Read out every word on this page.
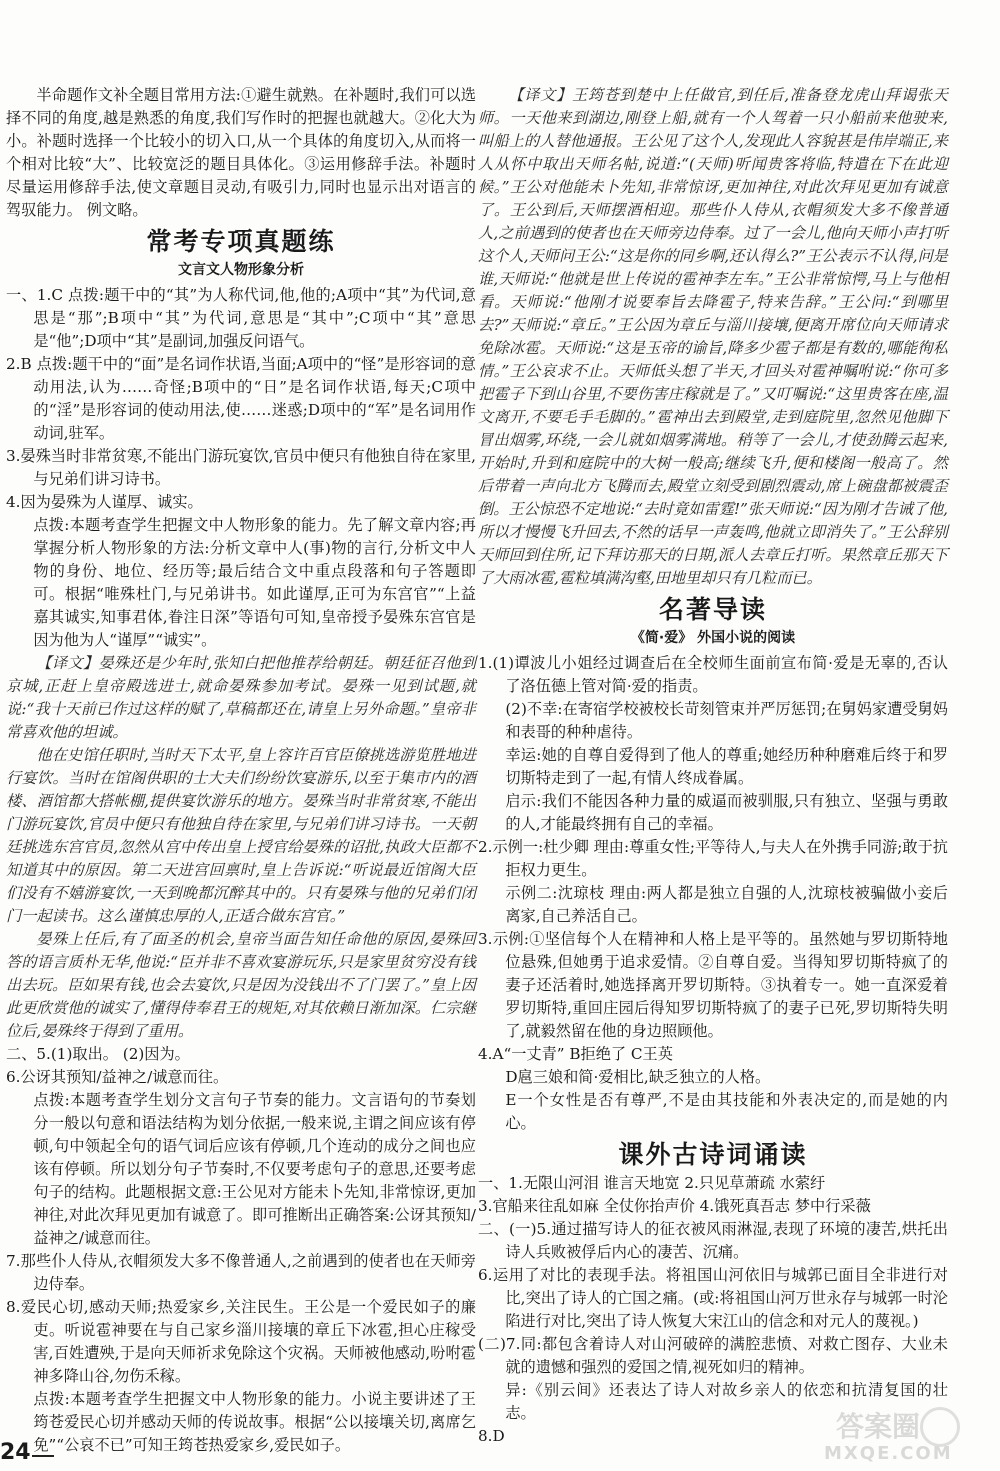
半命题作文补全题目常用方法:①避生就熟。在补题时,我们可以选择不同的角度,越是熟悉的角度,我们写作时的把握也就越大。②化大为小。补题时选择一个比较小的切入口,从一个具体的角度切入,从而将一个相对比较“大”、比较宽泛的题目具体化。③运用修辞手法。补题时尽量运用修辞手法,使文章题目灵动,有吸引力,同时也显示出对语言的驾驭能力。 例文略。

常考专项真题练
文言文人物形象分析

一、1.C 点拨:题干中的“其”为人称代词,他,他的;A项中“其”为代词,意思是“那”;B项中“其”为代词,意思是“其中”;C项中“其”意思是“他”;D项中“其”是副词,加强反问语气。

2.B 点拨:题干中的“面”是名词作状语,当面;A项中的“怪”是形容词的意动用法,认为……奇怪;B项中的“日”是名词作状语,每天;C项中的“淫”是形容词的使动用法,使……迷惑;D项中的“军”是名词用作动词,驻军。

3.晏殊当时非常贫寒,不能出门游玩宴饮,官员中便只有他独自待在家里,与兄弟们讲习诗书。

4.因为晏殊为人谨厚、诚实。

点拨:本题考查学生把握文中人物形象的能力。先了解文章内容;再掌握分析人物形象的方法:分析文章中人(事)物的言行,分析文中人物的身份、地位、经历等;最后结合文中重点段落和句子答题即可。根据“唯殊杜门,与兄弟讲书。如此谨厚,正可为东宫官”“上益嘉其诚实,知事君体,眷注日深”等语句可知,皇帝授予晏殊东宫官是因为他为人“谨厚”“诚实”。

【译文】晏殊还是少年时,张知白把他推荐给朝廷。朝廷征召他到京城,正赶上皇帝殿选进士,就命晏殊参加考试。晏殊一见到试题,就说:“我十天前已作过这样的赋了,草稿都还在,请皇上另外命题。”皇帝非常喜欢他的坦诚。

他在史馆任职时,当时天下太平,皇上容许百官臣僚挑选游览胜地进行宴饮。当时在馆阁供职的士大夫们纷纷饮宴游乐,以至于集市内的酒楼、酒馆都大搭帐棚,提供宴饮游乐的地方。晏殊当时非常贫寒,不能出门游玩宴饮,官员中便只有他独自待在家里,与兄弟们讲习诗书。一天朝廷挑选东宫官员,忽然从宫中传出皇上授官给晏殊的诏批,执政大臣都不知道其中的原因。第二天进宫回禀时,皇上告诉说:“听说最近馆阁大臣们没有不嬉游宴饮,一天到晚都沉醉其中的。只有晏殊与他的兄弟们闭门一起读书。这么谨慎忠厚的人,正适合做东宫官。”

晏殊上任后,有了面圣的机会,皇帝当面告知任命他的原因,晏殊回答的语言质朴无华,他说:“臣并非不喜欢宴游玩乐,只是家里贫穷没有钱出去玩。臣如果有钱,也会去宴饮,只是因为没钱出不了门罢了。”皇上因此更欣赏他的诚实了,懂得侍奉君王的规矩,对其依赖日渐加深。仁宗継位后,晏殊终于得到了重用。

二、5.(1)取出。 (2)因为。

6.公讶其预知/益神之/诚意而往。

点拨:本题考查学生划分文言句子节奏的能力。文言语句的节奏划分一般以句意和语法结构为划分依据,一般来说,主谓之间应该有停顿,句中领起全句的语气词后应该有停顿,几个连动的成分之间也应该有停顿。所以划分句子节奏时,不仅要考虑句子的意思,还要考虑句子的结构。此题根据文意:王公见对方能未卜先知,非常惊讶,更加神往,对此次拜见更加有诚意了。即可推断出正确答案:公讶其预知/益神之/诚意而往。

7.那些仆人侍从,衣帽须发大多不像普通人,之前遇到的使者也在天师旁边侍奉。

8.爱民心切,感动天师;热爱家乡,关注民生。王公是一个爱民如子的廉吏。听说雹神要在与自己家乡淄川接壤的章丘下冰雹,担心庄稼受害,百姓遭殃,于是向天师祈求免除这个灾祸。天师被他感动,吩咐雹神多降山谷,勿伤禾稼。

点拨:本题考查学生把握文中人物形象的能力。小说主要讲述了王筠苍爱民心切并感动天师的传说故事。根据“公以接壤关切,离席乞免”“公哀不已”可知王筠苍热爱家乡,爱民如子。

【译文】王筠苍到楚中上任做官,到任后,准备登龙虎山拜谒张天师。一天他来到湖边,刚登上船,就有一个人驾着一只小船前来他驶来,叫船上的人替他通报。王公见了这个人,发现此人容貌甚是伟岸端正,来人从怀中取出天师名帖,说道:“(天师)听闻贵客将临,特遣在下在此迎候。”王公对他能未卜先知,非常惊讶,更加神往,对此次拜见更加有诚意了。王公到后,天师摆酒相迎。那些仆人侍从,衣帽须发大多不像普通人,之前遇到的使者也在天师旁边侍奉。过了一会儿,他向天师小声打听这个人,天师问王公:“这是你的同乡啊,还认得么?”王公表示不认得,问是谁,天师说:“他就是世上传说的雹神李左车。”王公非常惊愕,马上与他相看。天师说:“他刚才说要奉旨去降雹子,特来告辞。”王公问:“到哪里去?”天师说:“章丘。”王公因为章丘与淄川接壤,便离开席位向天师请求免除冰雹。天师说:“这是玉帝的谕旨,降多少雹子都是有数的,哪能徇私情。”王公哀求不止。天师低头想了半天,才回头对雹神嘱咐说:“你可多把雹子下到山谷里,不要伤害庄稼就是了。”又叮嘱说:“这里贵客在座,温文离开,不要毛手毛脚的。”雹神出去到殿堂,走到庭院里,忽然见他脚下冒出烟雾,环绕,一会儿就如烟雾满地。稍等了一会儿,才使劲腾云起来,开始时,升到和庭院中的大树一般高;继续飞升,便和楼阁一般高了。然后带着一声向北方飞腾而去,殿堂立刻受到剧烈震动,席上碗盘都被震歪倒。王公惊恐不定地说:“去时竟如雷霆!”张天师说:“因为刚才告诫了他,所以才慢慢飞升回去,不然的话早一声轰鸣,他就立即消失了。”王公辞别天师回到住所,记下拜访那天的日期,派人去章丘打听。果然章丘那天下了大雨冰雹,雹粒填满沟壑,田地里却只有几粒而已。

名著导读
《简·爱》 外国小说的阅读

1.(1)谭波儿小姐经过调查后在全校师生面前宣布简·爱是无辜的,否认了洛伍德上管对简·爱的指责。

(2)不幸:在寄宿学校被校长苛刻管束并严厉惩罚;在舅妈家遭受舅妈和表哥的种种虐待。

幸运:她的自尊自爱得到了他人的尊重;她经历种种磨难后终于和罗切斯特走到了一起,有情人终成眷属。

启示:我们不能因各种力量的威逼而被驯服,只有独立、坚强与勇敢的人,才能最终拥有自己的幸福。

2.示例一:杜少卿 理由:尊重女性;平等待人,与夫人在外携手同游;敢于抗拒权力更生。

示例二:沈琼枝 理由:两人都是独立自强的人,沈琼枝被骗做小妾后离家,自己养活自己。

3.示例:①坚信每个人在精神和人格上是平等的。虽然她与罗切斯特地位悬殊,但她勇于追求爱情。②自尊自爱。当得知罗切斯特疯了的妻子还活着时,她选择离开罗切斯特。③执着专一。她一直深爱着罗切斯特,重回庄园后得知罗切斯特疯了的妻子已死,罗切斯特失明了,就毅然留在他的身边照顾他。

4.A“一丈青” B拒绝了 C王英

D扈三娘和简·爱相比,缺乏独立的人格。

E一个女性是否有尊严,不是由其技能和外表决定的,而是她的内心。

课外古诗词诵读

一、1.无限山河泪 谁言天地宽 2.只见草萧疏 水萦纡

3.官船来往乱如麻 全仗你抬声价 4.饿死真吾志 梦中行采薇

二、(一)5.通过描写诗人的征衣被风雨淋湿,表现了环境的凄苦,烘托出诗人兵败被俘后内心的凄苦、沉痛。

6.运用了对比的表现手法。将祖国山河依旧与城郭已面目全非进行对比,突出了诗人的亡国之痛。(或:将祖国山河万世永存与城郭一时沦陷进行对比,突出了诗人恢复大宋江山的信念和对元人的蔑视。)

(二)7.同:都包含着诗人对山河破碎的满腔悲愤、对救亡图存、大业未就的遗憾和强烈的爱国之情,视死如归的精神。

异:《别云间》还表达了诗人对故乡亲人的依恋和抗清复国的壮志。

8.D

24
答案圈
MXQE.COM
